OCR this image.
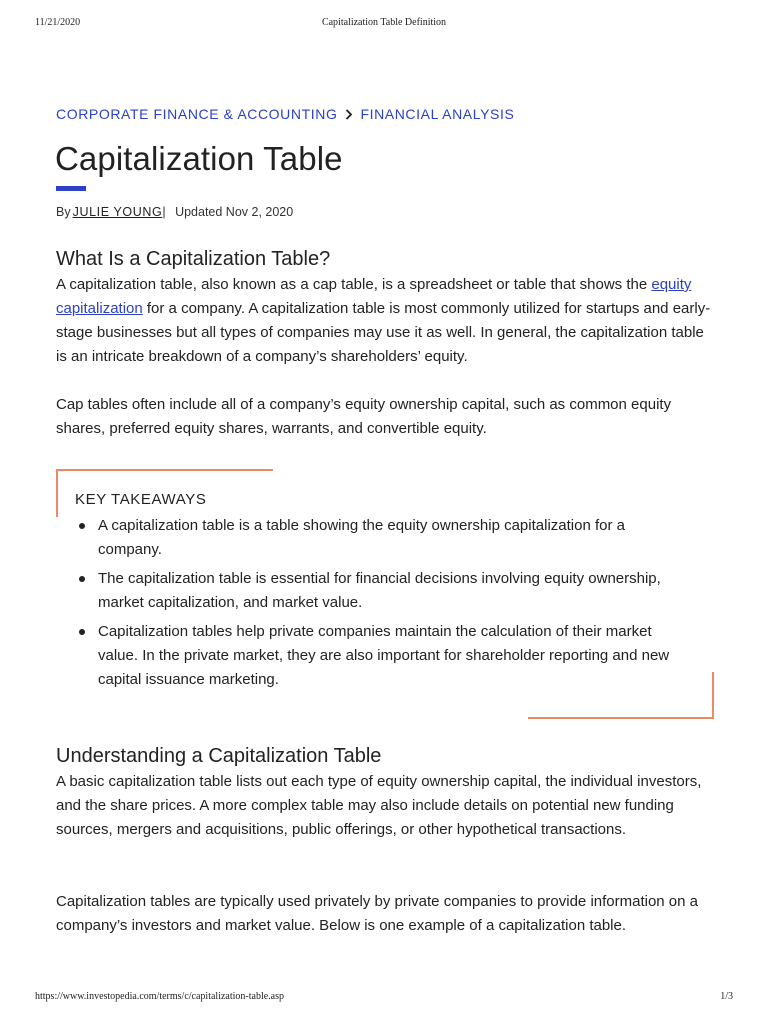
11/21/2020	Capitalization Table Definition
CORPORATE FINANCE & ACCOUNTING FINANCIAL ANALYSIS
Capitalization Table
By JULIE YOUNG| Updated Nov 2, 2020
What Is a Capitalization Table?

A capitalization table, also known as a cap table, is a spreadsheet or table that shows the equity capitalization for a company. A capitalization table is most commonly utilized for startups and early-stage businesses but all types of companies may use it as well. In general, the capitalization table is an intricate breakdown of a company’s shareholders’ equity.

Cap tables often include all of a company’s equity ownership capital, such as common equity shares, preferred equity shares, warrants, and convertible equity.

KEY TAKEAWAYS
A capitalization table is a table showing the equity ownership capitalization for a company.
The capitalization table is essential for financial decisions involving equity ownership, market capitalization, and market value.
Capitalization tables help private companies maintain the calculation of their market value. In the private market, they are also important for shareholder reporting and new capital issuance marketing.
Understanding a Capitalization Table

A basic capitalization table lists out each type of equity ownership capital, the individual investors, and the share prices. A more complex table may also include details on potential new funding sources, mergers and acquisitions, public offerings, or other hypothetical transactions.

Capitalization tables are typically used privately by private companies to provide information on a company’s investors and market value. Below is one example of a capitalization table.

https://www.investopedia.com/terms/c/capitalization-table.asp	1/3
